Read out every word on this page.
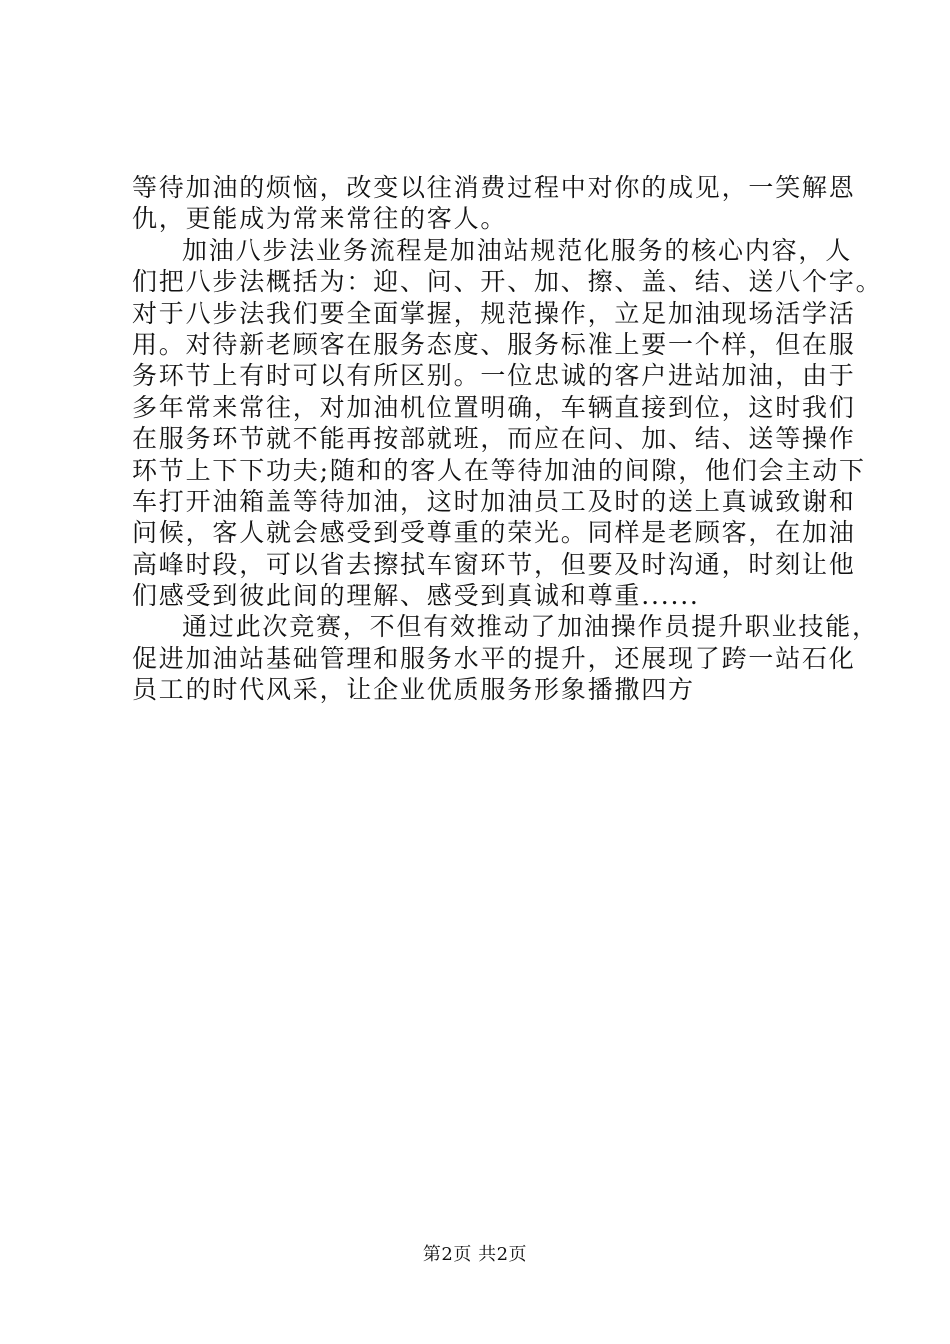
等待加油的烦恼，改变以往消费过程中对你的成见，一笑解恩
仇，更能成为常来常往的客人。
加油八步法业务流程是加油站规范化服务的核心内容，人
们把八步法概括为：迎、问、开、加、擦、盖、结、送八个字。
对于八步法我们要全面掌握，规范操作，立足加油现场活学活
用。对待新老顾客在服务态度、服务标准上要一个样，但在服
务环节上有时可以有所区别。一位忠诚的客户进站加油，由于
多年常来常往，对加油机位置明确，车辆直接到位，这时我们
在服务环节就不能再按部就班，而应在问、加、结、送等操作
环节上下下功夫;随和的客人在等待加油的间隙，他们会主动下
车打开油箱盖等待加油，这时加油员工及时的送上真诚致谢和
问候，客人就会感受到受尊重的荣光。同样是老顾客，在加油
高峰时段，可以省去擦拭车窗环节，但要及时沟通，时刻让他
们感受到彼此间的理解、感受到真诚和尊重......
通过此次竞赛，不但有效推动了加油操作员提升职业技能，
促进加油站基础管理和服务水平的提升，还展现了跨一站石化
员工的时代风采，让企业优质服务形象播撒四方
第2页 共2页
